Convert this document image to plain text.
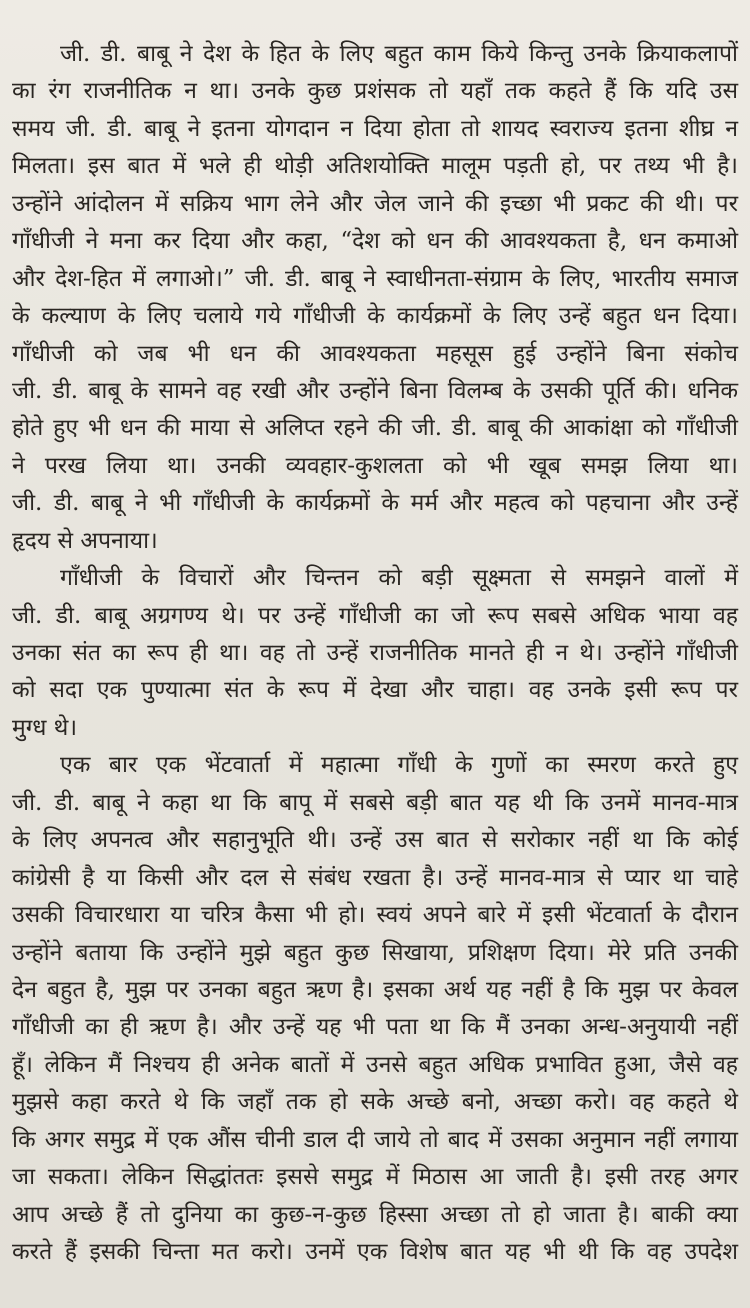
जी. डी. बाबू ने देश के हित के लिए बहुत काम किये किन्तु उनके क्रियाकलापों
का रंग राजनीतिक न था। उनके कुछ प्रशंसक तो यहाँ तक कहते हैं कि यदि उस
समय जी. डी. बाबू ने इतना योगदान न दिया होता तो शायद स्वराज्य इतना शीघ्र न
मिलता। इस बात में भले ही थोड़ी अतिशयोक्ति मालूम पड़ती हो, पर तथ्य भी है।
उन्होंने आंदोलन में सक्रिय भाग लेने और जेल जाने की इच्छा भी प्रकट की थी। पर
गाँधीजी ने मना कर दिया और कहा, “देश को धन की आवश्यकता है, धन कमाओ
और देश-हित में लगाओ।” जी. डी. बाबू ने स्वाधीनता-संग्राम के लिए, भारतीय समाज
के कल्याण के लिए चलाये गये गाँधीजी के कार्यक्रमों के लिए उन्हें बहुत धन दिया।
गाँधीजी को जब भी धन की आवश्यकता महसूस हुई उन्होंने बिना संकोच
जी. डी. बाबू के सामने वह रखी और उन्होंने बिना विलम्ब के उसकी पूर्ति की। धनिक
होते हुए भी धन की माया से अलिप्त रहने की जी. डी. बाबू की आकांक्षा को गाँधीजी
ने परख लिया था। उनकी व्यवहार-कुशलता को भी खूब समझ लिया था।
जी. डी. बाबू ने भी गाँधीजी के कार्यक्रमों के मर्म और महत्व को पहचाना और उन्हें
हृदय से अपनाया।
गाँधीजी के विचारों और चिन्तन को बड़ी सूक्ष्मता से समझने वालों में
जी. डी. बाबू अग्रगण्य थे। पर उन्हें गाँधीजी का जो रूप सबसे अधिक भाया वह
उनका संत का रूप ही था। वह तो उन्हें राजनीतिक मानते ही न थे। उन्होंने गाँधीजी
को सदा एक पुण्यात्मा संत के रूप में देखा और चाहा। वह उनके इसी रूप पर
मुग्ध थे।
एक बार एक भेंटवार्ता में महात्मा गाँधी के गुणों का स्मरण करते हुए
जी. डी. बाबू ने कहा था कि बापू में सबसे बड़ी बात यह थी कि उनमें मानव-मात्र
के लिए अपनत्व और सहानुभूति थी। उन्हें उस बात से सरोकार नहीं था कि कोई
कांग्रेसी है या किसी और दल से संबंध रखता है। उन्हें मानव-मात्र से प्यार था चाहे
उसकी विचारधारा या चरित्र कैसा भी हो। स्वयं अपने बारे में इसी भेंटवार्ता के दौरान
उन्होंने बताया कि उन्होंने मुझे बहुत कुछ सिखाया, प्रशिक्षण दिया। मेरे प्रति उनकी
देन बहुत है, मुझ पर उनका बहुत ऋण है। इसका अर्थ यह नहीं है कि मुझ पर केवल
गाँधीजी का ही ऋण है। और उन्हें यह भी पता था कि मैं उनका अन्ध-अनुयायी नहीं
हूँ। लेकिन मैं निश्चय ही अनेक बातों में उनसे बहुत अधिक प्रभावित हुआ, जैसे वह
मुझसे कहा करते थे कि जहाँ तक हो सके अच्छे बनो, अच्छा करो। वह कहते थे
कि अगर समुद्र में एक औंस चीनी डाल दी जाये तो बाद में उसका अनुमान नहीं लगाया
जा सकता। लेकिन सिद्धांततः इससे समुद्र में मिठास आ जाती है। इसी तरह अगर
आप अच्छे हैं तो दुनिया का कुछ-न-कुछ हिस्सा अच्छा तो हो जाता है। बाकी क्या
करते हैं इसकी चिन्ता मत करो। उनमें एक विशेष बात यह भी थी कि वह उपदेश
